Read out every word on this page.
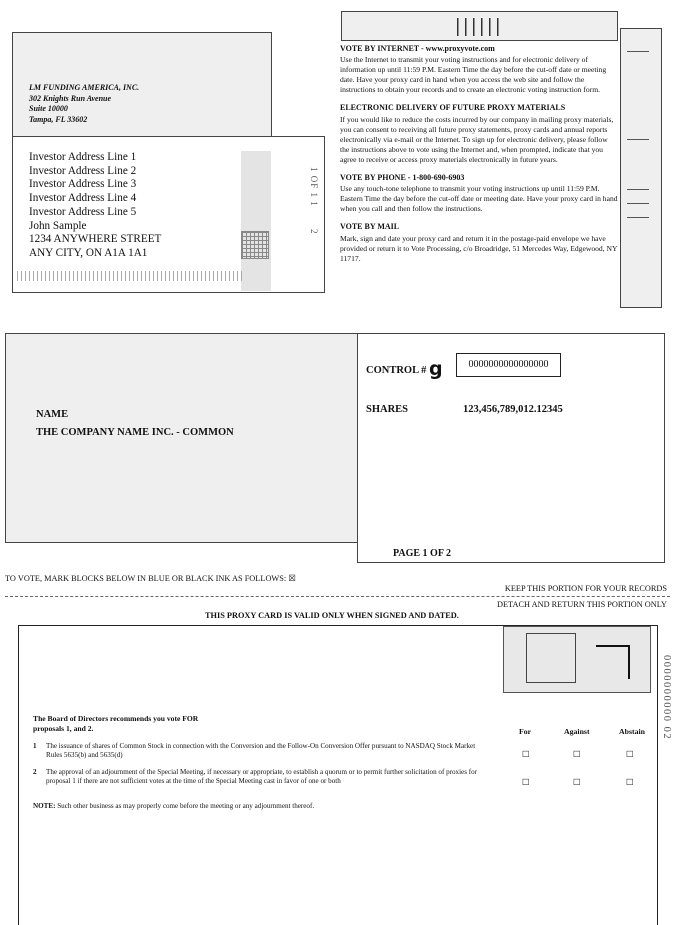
LM FUNDING AMERICA, INC.
302 Knights Run Avenue
Suite 10000
Tampa, FL 33602
Investor Address Line 1
Investor Address Line 2
Investor Address Line 3
Investor Address Line 4
Investor Address Line 5
John Sample
1234 ANYWHERE STREET
ANY CITY, ON A1A 1A1
1 OF 1 1
2
VOTE BY INTERNET - www.proxyvote.com

Use the Internet to transmit your voting instructions and for electronic delivery of information up until 11:59 P.M. Eastern Time the day before the cut-off date or meeting date. Have your proxy card in hand when you access the web site and follow the instructions to obtain your records and to create an electronic voting instruction form.

ELECTRONIC DELIVERY OF FUTURE PROXY MATERIALS

If you would like to reduce the costs incurred by our company in mailing proxy materials, you can consent to receiving all future proxy statements, proxy cards and annual reports electronically via e-mail or the Internet. To sign up for electronic delivery, please follow the instructions above to vote using the Internet and, when prompted, indicate that you agree to receive or access proxy materials electronically in future years.

VOTE BY PHONE - 1-800-690-6903

Use any touch-tone telephone to transmit your voting instructions up until 11:59 P.M. Eastern Time the day before the cut-off date or meeting date. Have your proxy card in hand when you call and then follow the instructions.

VOTE BY MAIL

Mark, sign and date your proxy card and return it in the postage-paid envelope we have provided or return it to Vote Processing, c/o Broadridge, 51 Mercedes Way, Edgewood, NY 11717.

NAME
THE COMPANY NAME INC. - COMMON
CONTROL # g	0000000000000000
SHARES	123,456,789,012.12345
PAGE 1 OF 2
TO VOTE, MARK BLOCKS BELOW IN BLUE OR BLACK INK AS FOLLOWS: ☒
KEEP THIS PORTION FOR YOUR RECORDS
DETACH AND RETURN THIS PORTION ONLY
THIS PROXY CARD IS VALID ONLY WHEN SIGNED AND DATED.
The Board of Directors recommends you vote FOR
proposals 1, and 2.	For	Against	Abstain
1 The issuance of shares of Common Stock in connection with the Conversion and the Follow-On Conversion Offer pursuant to NASDAQ Stock Market Rules 5635(b) and 5635(d)	☐	☐	☐
2 The approval of an adjournment of the Special Meeting, if necessary or appropriate, to establish a quorum or to permit further solicitation of proxies for proposal 1 if there are not sufficient votes at the time of the Special Meeting cast in favor of one or both	☐	☐	☐
NOTE: Such other business as may properly come before the meeting or any adjournment thereof.
0000000000 02
